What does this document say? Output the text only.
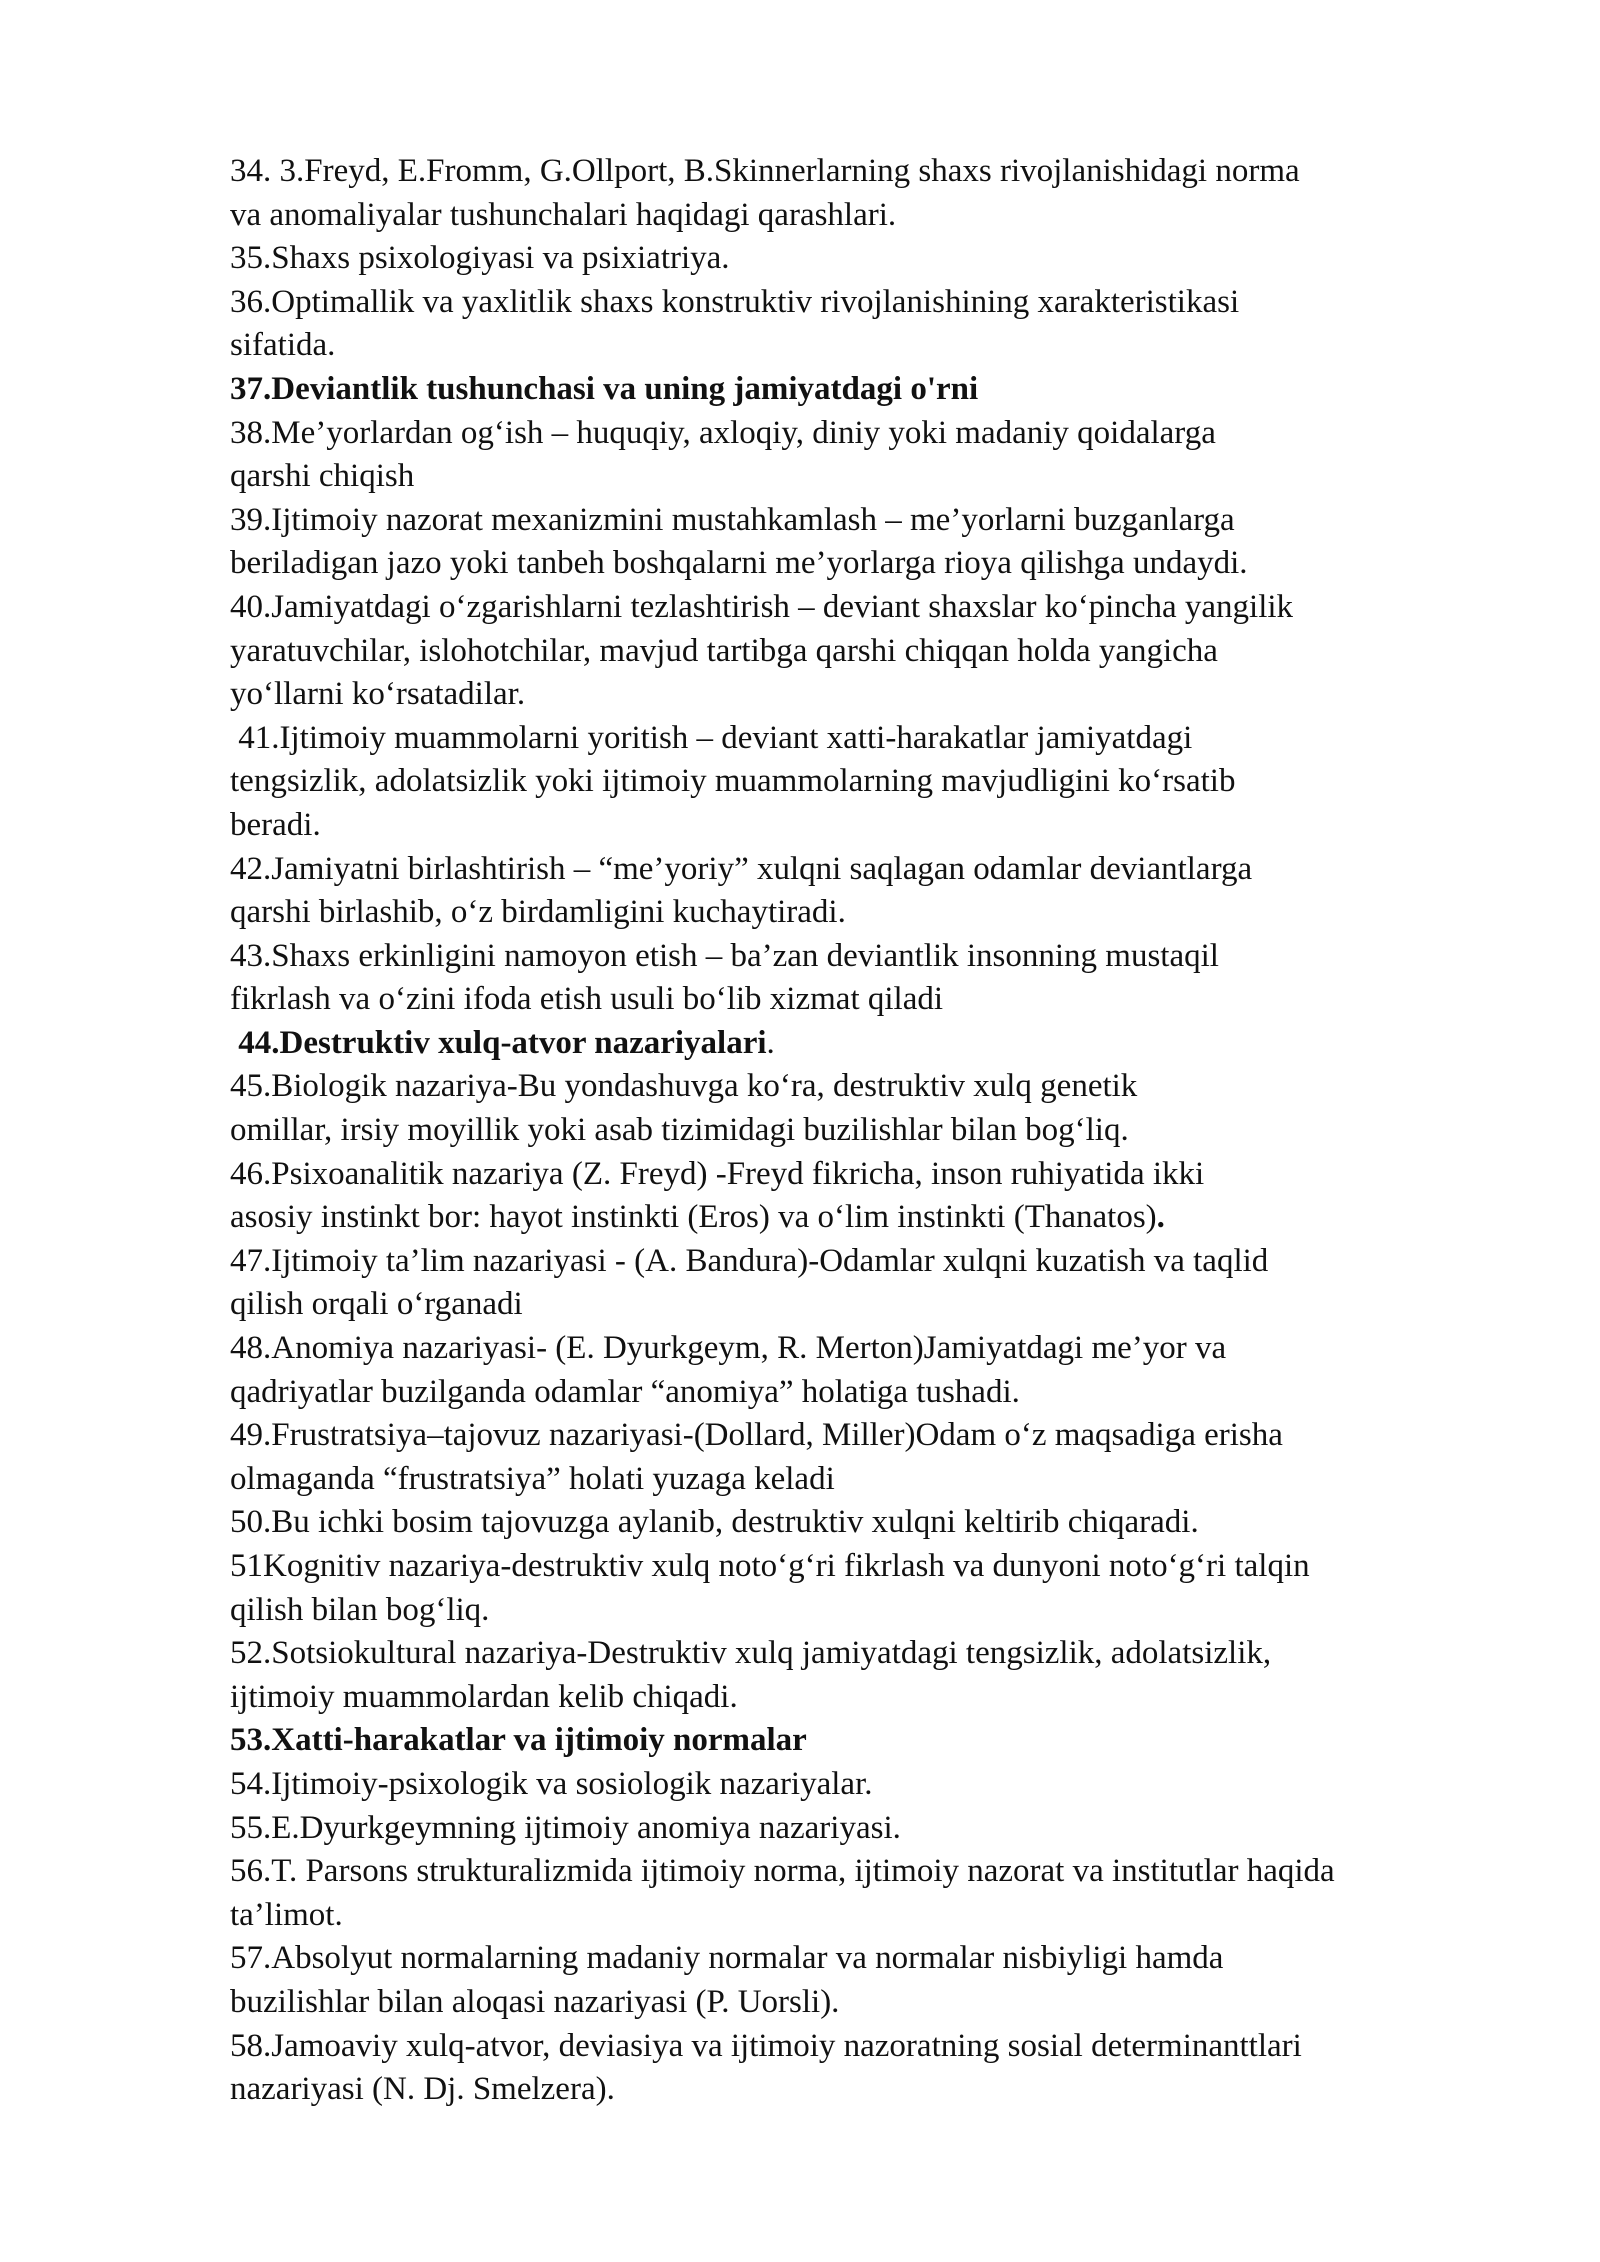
34. 3.Freyd, E.Fromm, G.Ollport, B.Skinnerlarning shaxs rivojlanishidagi norma
va anomaliyalar tushunchalari haqidagi qarashlari.
35.Shaxs psixologiyasi va psixiatriya.
36.Optimallik va yaxlitlik shaxs konstruktiv rivojlanishining xarakteristikasi
sifatida.
37.Deviantlik tushunchasi va uning jamiyatdagi o'rni
38.Me’yorlardan og‘ish – huquqiy, axloqiy, diniy yoki madaniy qoidalarga
qarshi chiqish
39.Ijtimoiy nazorat mexanizmini mustahkamlash – me’yorlarni buzganlarga
beriladigan jazo yoki tanbeh boshqalarni me’yorlarga rioya qilishga undaydi.
40.Jamiyatdagi o‘zgarishlarni tezlashtirish – deviant shaxslar ko‘pincha yangilik
yaratuvchilar, islohotchilar, mavjud tartibga qarshi chiqqan holda yangicha
yo‘llarni ko‘rsatadilar.
41.Ijtimoiy muammolarni yoritish – deviant xatti-harakatlar jamiyatdagi
tengsizlik, adolatsizlik yoki ijtimoiy muammolarning mavjudligini ko‘rsatib
beradi.
42.Jamiyatni birlashtirish – “me’yoriy” xulqni saqlagan odamlar deviantlarga
qarshi birlashib, o‘z birdamligini kuchaytiradi.
43.Shaxs erkinligini namoyon etish – ba’zan deviantlik insonning mustaqil
fikrlash va o‘zini ifoda etish usuli bo‘lib xizmat qiladi
44.Destruktiv xulq-atvor nazariyalari.
45.Biologik nazariya-Bu yondashuvga ko‘ra, destruktiv xulq genetik
omillar, irsiy moyillik yoki asab tizimidagi buzilishlar bilan bog‘liq.
46.Psixoanalitik nazariya (Z. Freyd) -Freyd fikricha, inson ruhiyatida ikki
asosiy instinkt bor: hayot instinkti (Eros) va o‘lim instinkti (Thanatos).
47.Ijtimoiy ta’lim nazariyasi - (A. Bandura)-Odamlar xulqni kuzatish va taqlid
qilish orqali o‘rganadi
48.Anomiya nazariyasi- (E. Dyurkgeym, R. Merton)Jamiyatdagi me’yor va
qadriyatlar buzilganda odamlar “anomiya” holatiga tushadi.
49.Frustratsiya–tajovuz nazariyasi-(Dollard, Miller)Odam o‘z maqsadiga erisha
olmaganda “frustratsiya” holati yuzaga keladi
50.Bu ichki bosim tajovuzga aylanib, destruktiv xulqni keltirib chiqaradi.
51Kognitiv nazariya-destruktiv xulq noto‘g‘ri fikrlash va dunyoni noto‘g‘ri talqin
qilish bilan bog‘liq.
52.Sotsiokultural nazariya-Destruktiv xulq jamiyatdagi tengsizlik, adolatsizlik,
ijtimoiy muammolardan kelib chiqadi.
53.Xatti-harakatlar va ijtimoiy normalar
54.Ijtimoiy-psixologik va sosiologik nazariyalar.
55.E.Dyurkgeymning ijtimoiy anomiya nazariyasi.
56.T. Parsons strukturalizmida ijtimoiy norma, ijtimoiy nazorat va institutlar haqida
ta’limot.
57.Absolyut normalarning madaniy normalar va normalar nisbiyligi hamda
buzilishlar bilan aloqasi nazariyasi (P. Uorsli).
58.Jamoaviy xulq-atvor, deviasiya va ijtimoiy nazoratning sosial determinanttlari
nazariyasi (N. Dj. Smelzera).
